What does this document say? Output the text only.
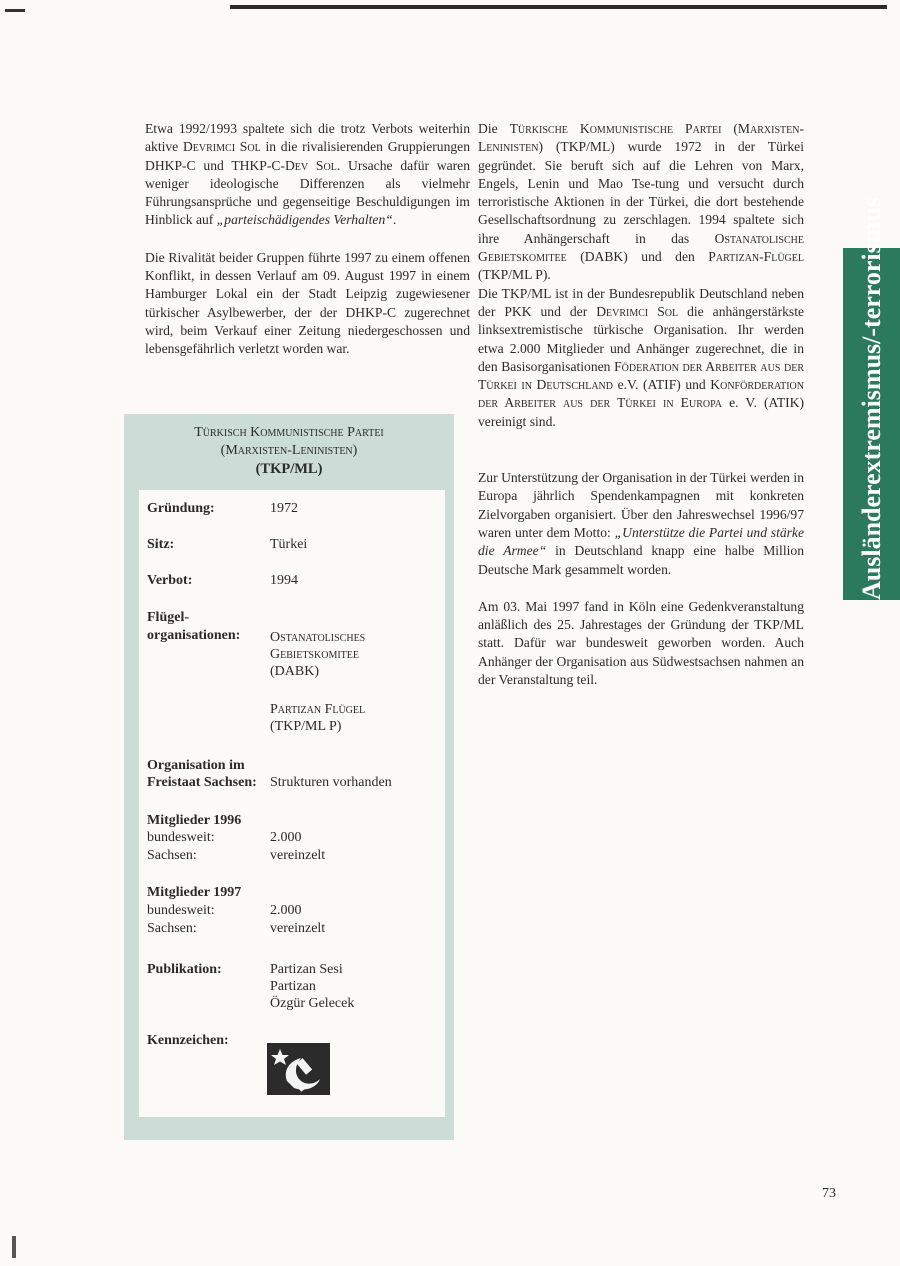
Etwa 1992/1993 spaltete sich die trotz Verbots weiterhin aktive Devrimci Sol in die rivalisierenden Gruppierungen DHKP-C und THKP-C-Dev Sol. Ursache dafür waren weniger ideologische Differenzen als vielmehr Führungsansprüche und gegenseitige Beschuldigungen im Hinblick auf „parteischädigendes Verhalten“.

Die Rivalität beider Gruppen führte 1997 zu einem offenen Konflikt, in dessen Verlauf am 09. August 1997 in einem Hamburger Lokal ein der Stadt Leipzig zugewiesener türkischer Asylbewerber, der der DHKP-C zugerechnet wird, beim Verkauf einer Zeitung niedergeschossen und lebensgefährlich verletzt worden war.

Türkisch Kommunistische Partei
(Marxisten-Leninisten)
(TKP/ML)
Gründung:	1972
Sitz:	Türkei
Verbot:	1994
Flügel-
organisationen: Ostanatolisches
Gebietskomitee
(DABK)
Partizan Flügel
(TKP/ML P)
Organisation im
Freistaat Sachsen: Strukturen vorhanden
Mitglieder 1996
bundesweit:	2.000
Sachsen:	vereinzelt
Mitglieder 1997
bundesweit:	2.000
Sachsen:	vereinzelt
Publikation:	Partizan Sesi
Partizan
Özgür Gelecek
Kennzeichen:

Die Türkische Kommunistische Partei (Marxisten-Leninisten) (TKP/ML) wurde 1972 in der Türkei gegründet. Sie beruft sich auf die Lehren von Marx, Engels, Lenin und Mao Tse-tung und versucht durch terroristische Aktionen in der Türkei, die dort bestehende Gesellschaftsordnung zu zerschlagen. 1994 spaltete sich ihre Anhängerschaft in das Ostanatolische Gebietskomitee (DABK) und den Partizan-Flügel (TKP/ML P).

Die TKP/ML ist in der Bundesrepublik Deutschland neben der PKK und der Devrimci Sol die anhängerstärkste linksextremistische türkische Organisation. Ihr werden etwa 2.000 Mitglieder und Anhänger zugerechnet, die in den Basisorganisationen Föderation der Arbeiter aus der Türkei in Deutschland e.V. (ATIF) und Konförderation der Arbeiter aus der Türkei in Europa e. V. (ATIK) vereinigt sind.

Zur Unterstützung der Organisation in der Türkei werden in Europa jährlich Spendenkampagnen mit konkreten Zielvorgaben organisiert. Über den Jahreswechsel 1996/97 waren unter dem Motto: „Unterstütze die Partei und stärke die Armee“ in Deutschland knapp eine halbe Million Deutsche Mark gesammelt worden.

Am 03. Mai 1997 fand in Köln eine Gedenkveranstaltung anläßlich des 25. Jahrestages der Gründung der TKP/ML statt. Dafür war bundesweit geworben worden. Auch Anhänger der Organisation aus Südwestsachsen nahmen an der Veranstaltung teil.

Ausländerextremismus/-terrorismus
73
